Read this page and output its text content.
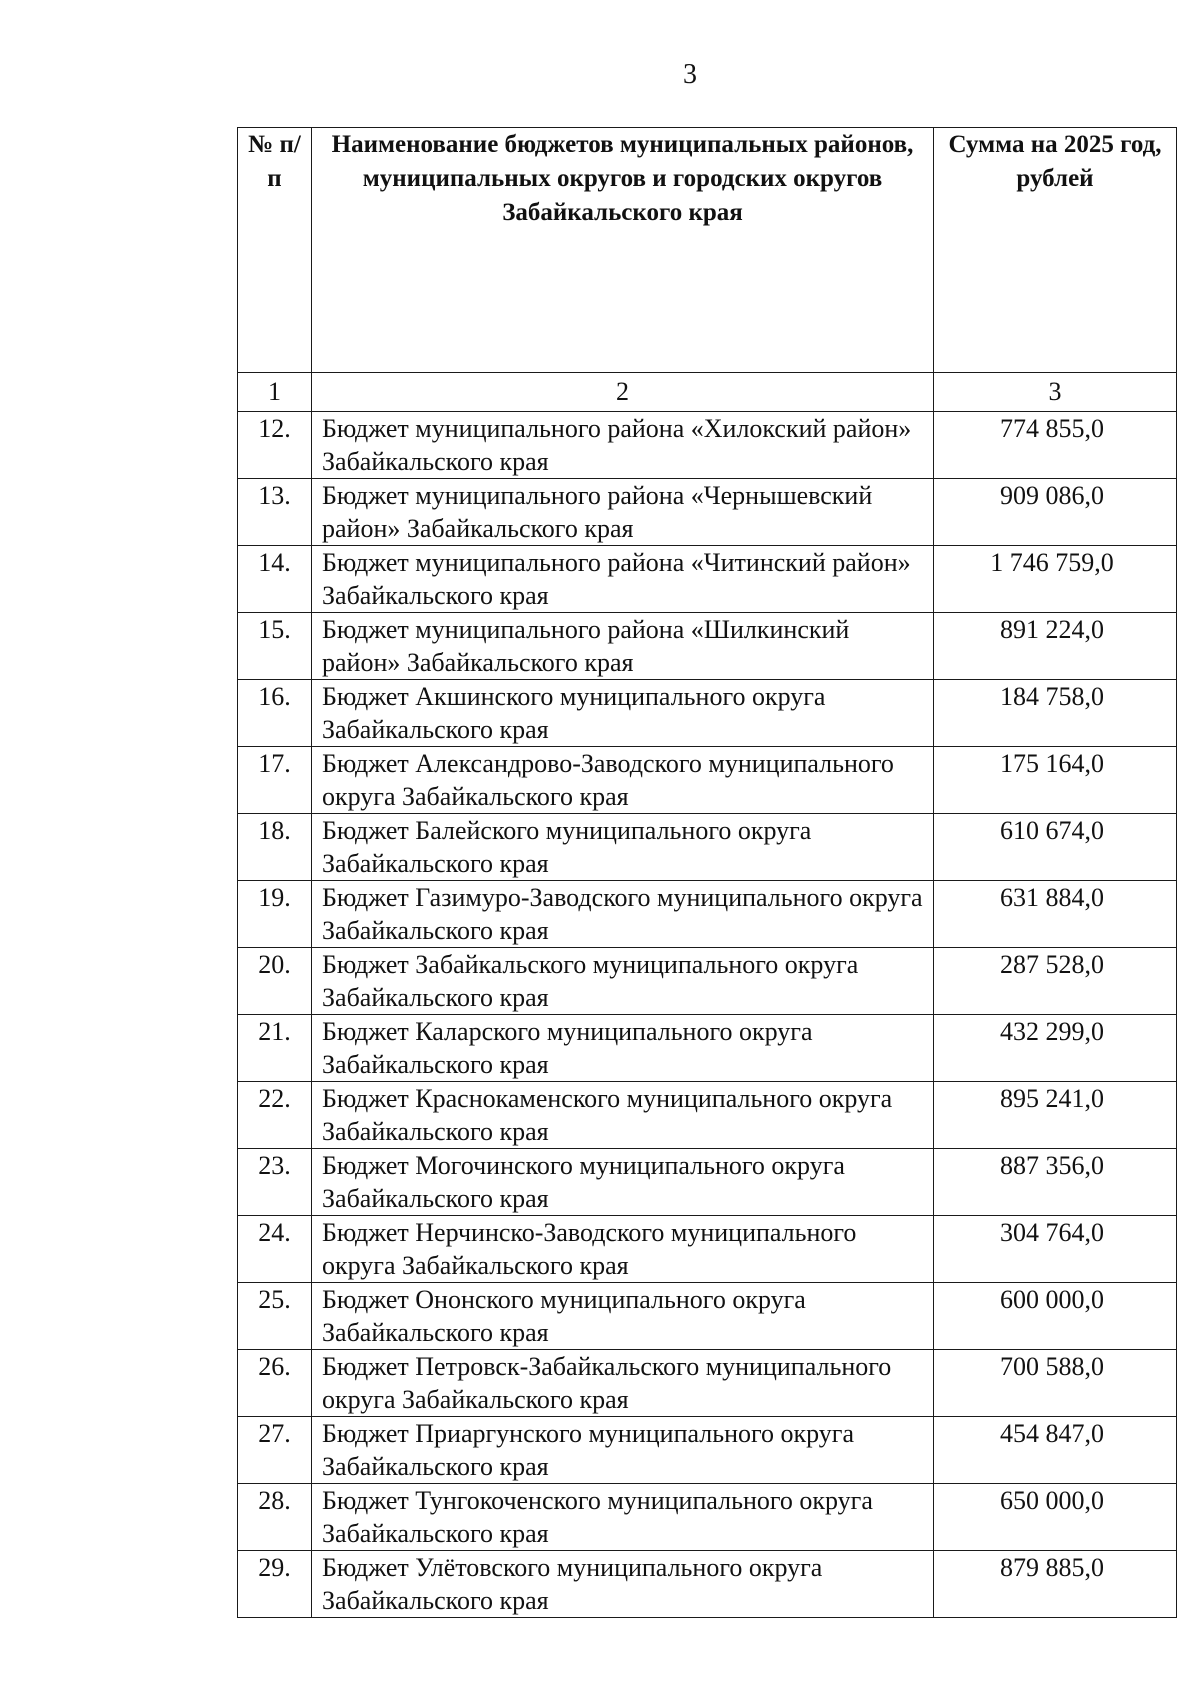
3
№ п/п	Наименование бюджетов муниципальных районов, муниципальных округов и городских округов Забайкальского края	Сумма на 2025 год, рублей

1	2	3
12.	Бюджет муниципального района «Хилокский район» Забайкальского края	774 855,0
13.	Бюджет муниципального района «Чернышевский район» Забайкальского края	909 086,0
14.	Бюджет муниципального района «Читинский район» Забайкальского края	1 746 759,0
15.	Бюджет муниципального района «Шилкинский район» Забайкальского края	891 224,0
16.	Бюджет Акшинского муниципального округа Забайкальского края	184 758,0
17.	Бюджет Александрово-Заводского муниципального округа Забайкальского края	175 164,0
18.	Бюджет Балейского муниципального округа Забайкальского края	610 674,0
19.	Бюджет Газимуро-Заводского муниципального округа Забайкальского края	631 884,0
20.	Бюджет Забайкальского муниципального округа Забайкальского края	287 528,0
21.	Бюджет Каларского муниципального округа Забайкальского края	432 299,0
22.	Бюджет Краснокаменского муниципального округа Забайкальского края	895 241,0
23.	Бюджет Могочинского муниципального округа Забайкальского края	887 356,0
24.	Бюджет Нерчинско-Заводского муниципального округа Забайкальского края	304 764,0
25.	Бюджет Ононского муниципального округа Забайкальского края	600 000,0
26.	Бюджет Петровск-Забайкальского муниципального округа Забайкальского края	700 588,0
27.	Бюджет Приаргунского муниципального округа Забайкальского края	454 847,0
28.	Бюджет Тунгокоченского муниципального округа Забайкальского края	650 000,0
29.	Бюджет Улётовского муниципального округа Забайкальского края	879 885,0
